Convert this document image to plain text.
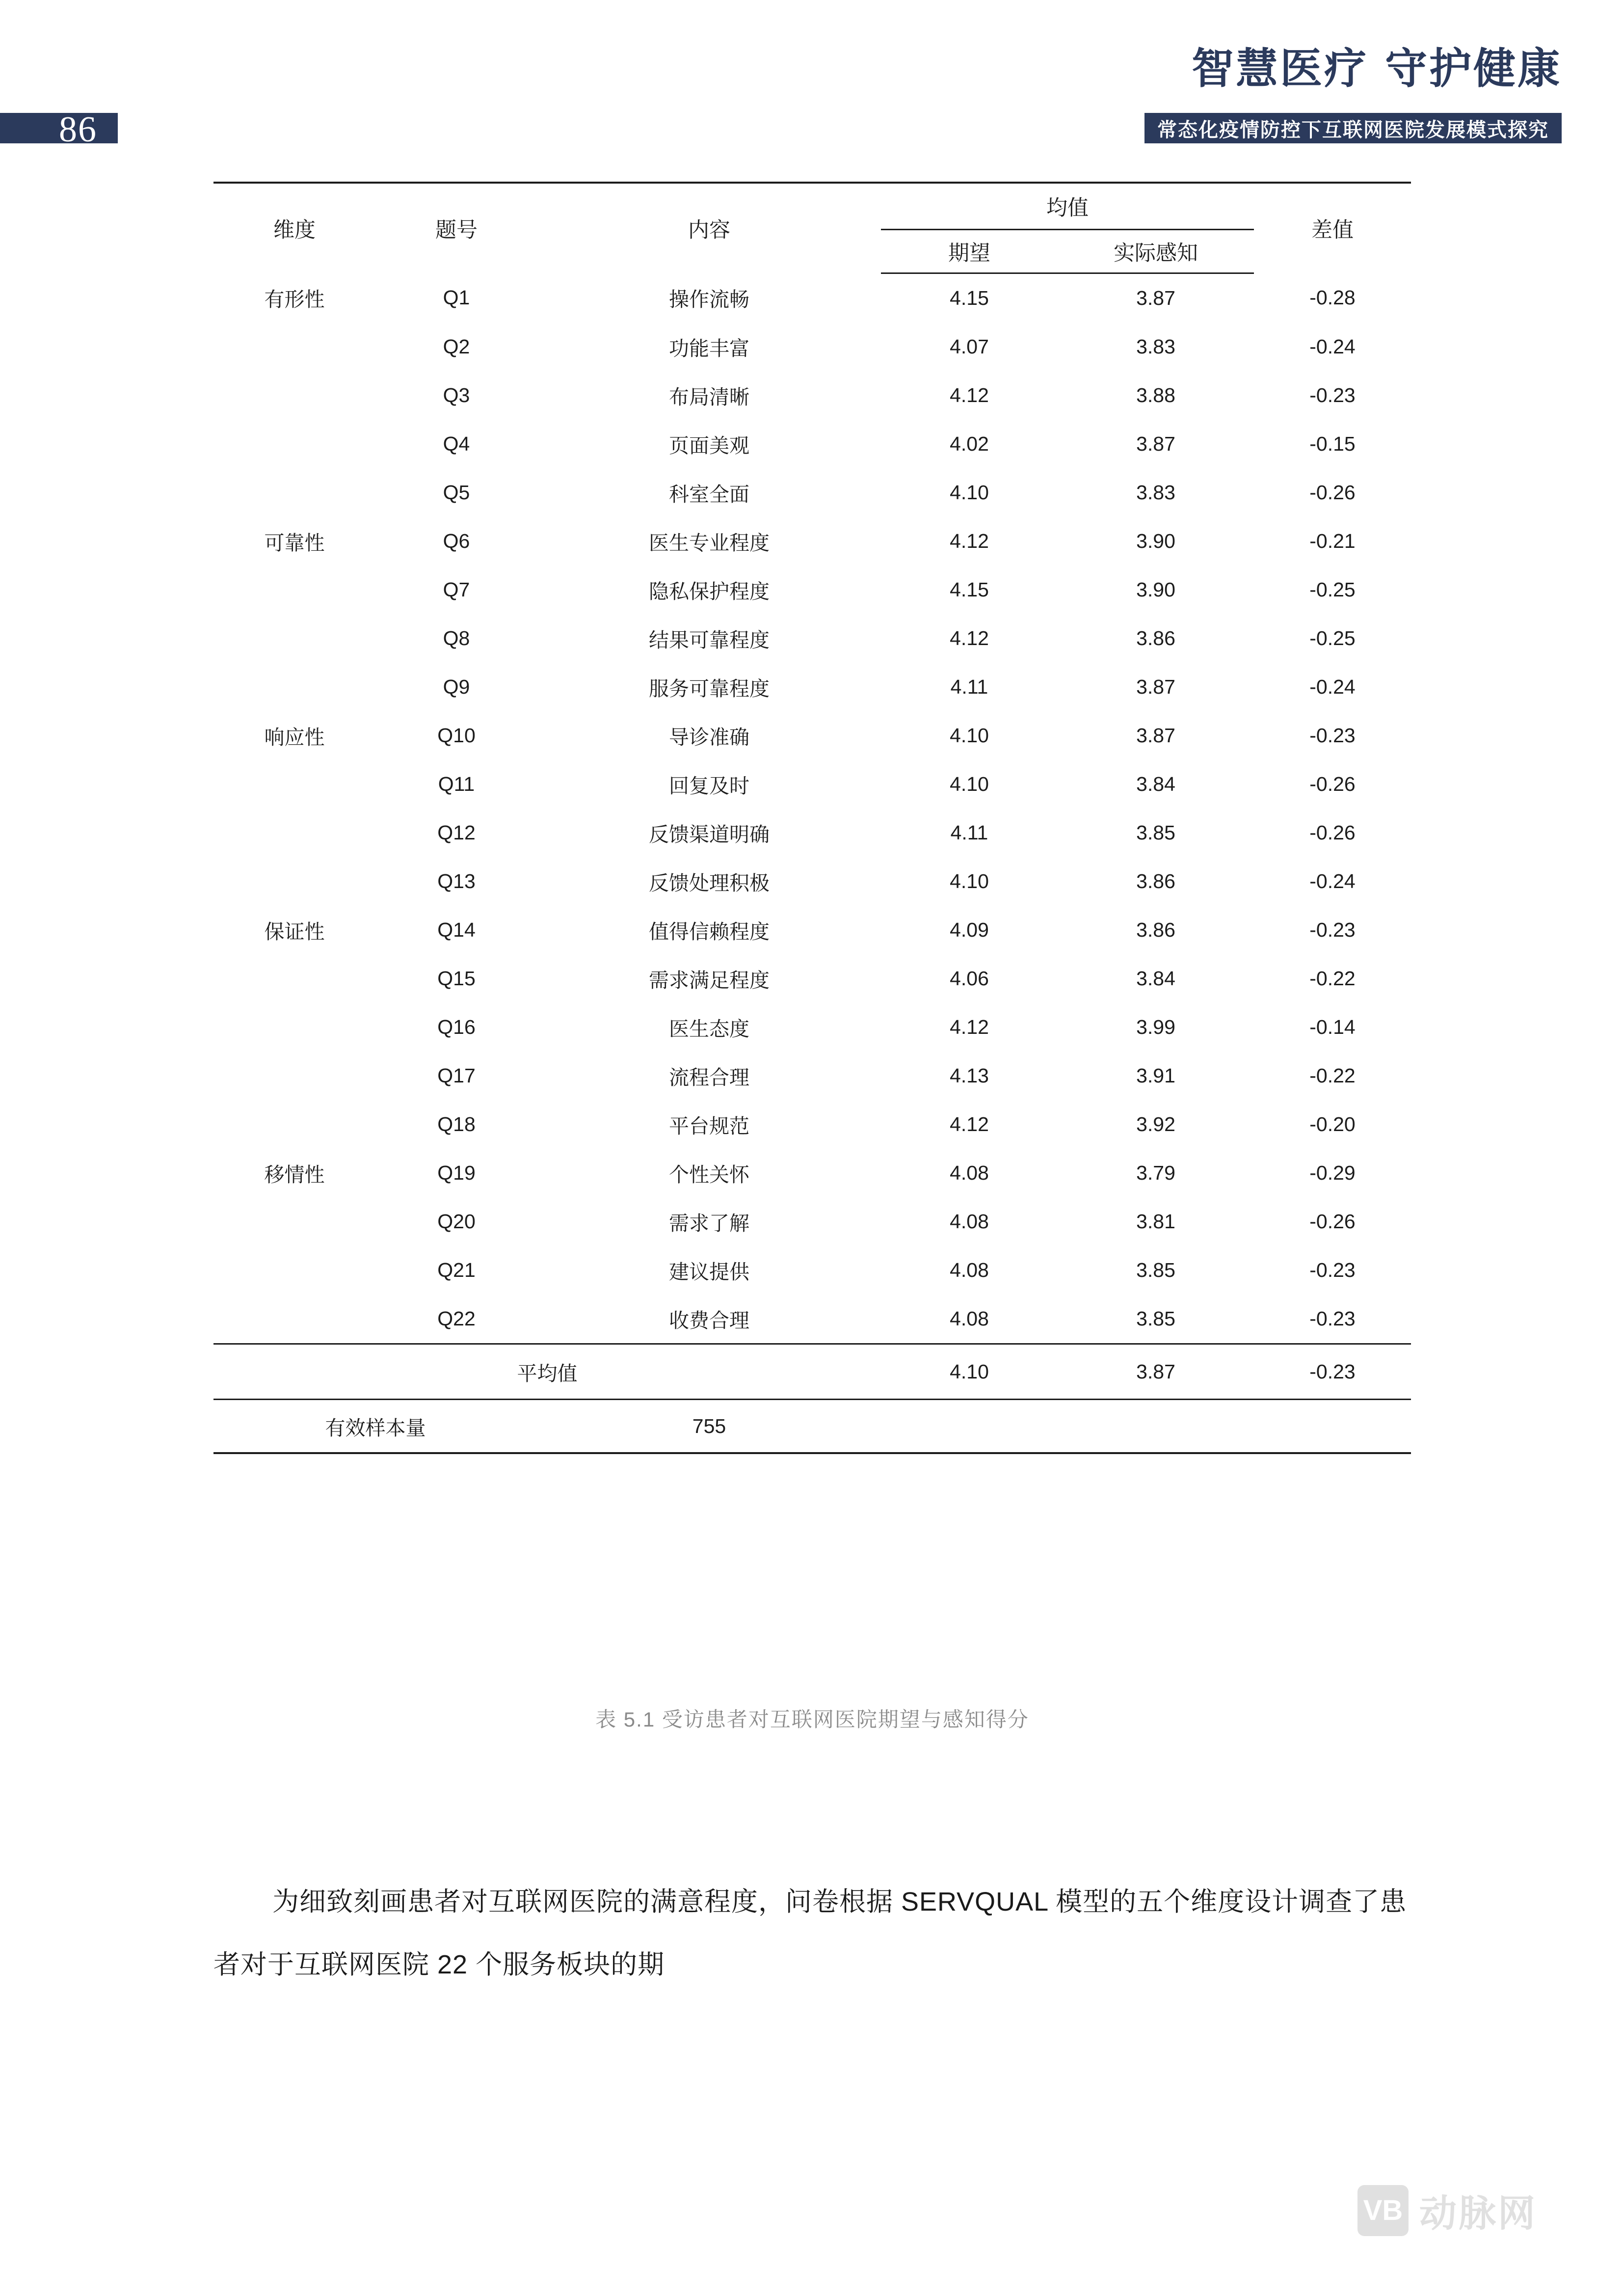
86
智慧医疗 守护健康
常态化疫情防控下互联网医院发展模式探究
维度	题号	内容	均值		差值
			期望	实际感知	
有形性	Q1	操作流畅	4.15	3.87	-0.28
	Q2	功能丰富	4.07	3.83	-0.24
	Q3	布局清晰	4.12	3.88	-0.23
	Q4	页面美观	4.02	3.87	-0.15
	Q5	科室全面	4.10	3.83	-0.26
可靠性	Q6	医生专业程度	4.12	3.90	-0.21
	Q7	隐私保护程度	4.15	3.90	-0.25
	Q8	结果可靠程度	4.12	3.86	-0.25
	Q9	服务可靠程度	4.11	3.87	-0.24
响应性	Q10	导诊准确	4.10	3.87	-0.23
	Q11	回复及时	4.10	3.84	-0.26
	Q12	反馈渠道明确	4.11	3.85	-0.26
	Q13	反馈处理积极	4.10	3.86	-0.24
保证性	Q14	值得信赖程度	4.09	3.86	-0.23
	Q15	需求满足程度	4.06	3.84	-0.22
	Q16	医生态度	4.12	3.99	-0.14
	Q17	流程合理	4.13	3.91	-0.22
	Q18	平台规范	4.12	3.92	-0.20
移情性	Q19	个性关怀	4.08	3.79	-0.29
	Q20	需求了解	4.08	3.81	-0.26
	Q21	建议提供	4.08	3.85	-0.23
	Q22	收费合理	4.08	3.85	-0.23
平均值			4.10	3.87	-0.23
有效样本量		755			
表 5.1 受访患者对互联网医院期望与感知得分

为细致刻画患者对互联网医院的满意程度，问卷根据 SERVQUAL 模型的五个维度设计调查了患者对于互联网医院 22 个服务板块的期

VB 动脉网
